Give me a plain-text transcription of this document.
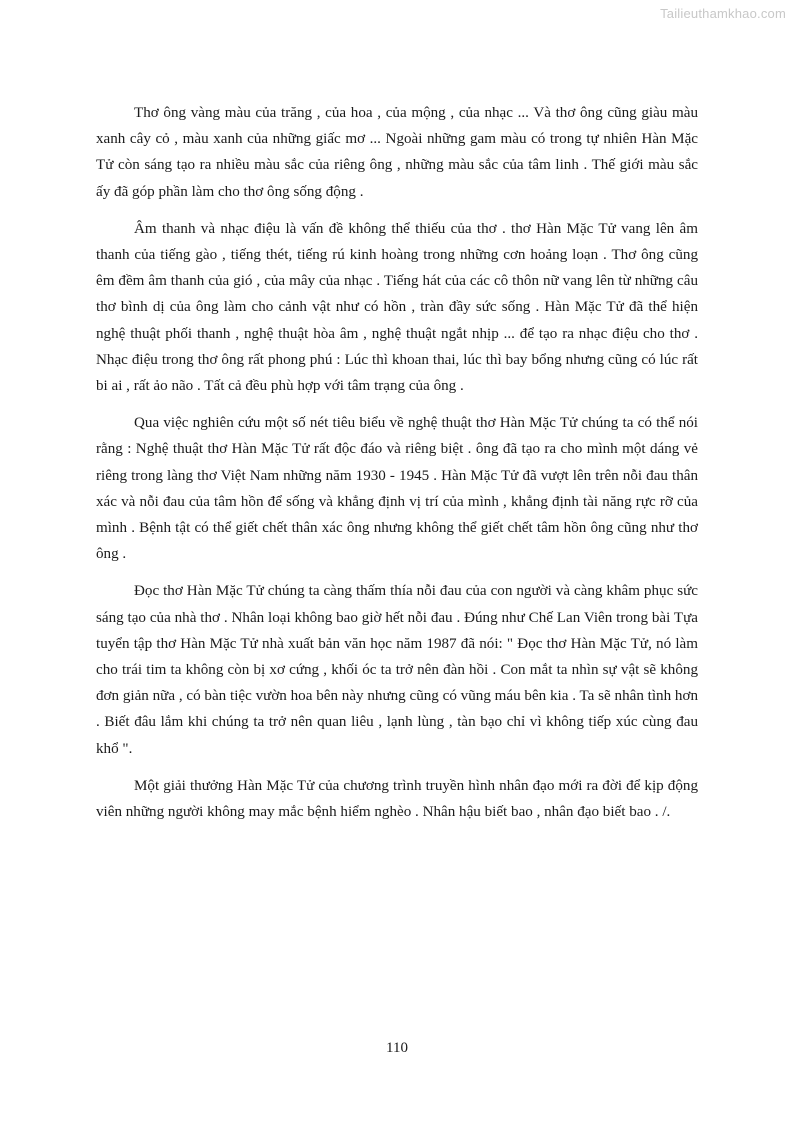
Tailieuthamkhao.com

Thơ ông vàng màu của trăng , của hoa , của mộng , của nhạc ... Và thơ ông cũng giàu màu xanh cây cỏ , màu xanh của những giấc mơ ... Ngoài những gam màu có trong tự nhiên Hàn Mặc Tử còn sáng tạo ra nhiều màu sắc của riêng ông , những màu sắc của tâm linh . Thế giới màu sắc ấy đã góp phần làm cho thơ ông sống động .

Âm thanh và nhạc điệu là vấn đề không thể thiếu của thơ . thơ Hàn Mặc Tử vang lên âm thanh của tiếng gào , tiếng thét, tiếng rú kinh hoàng trong những cơn hoảng loạn . Thơ ông cũng êm đềm âm thanh của gió , của mây của nhạc . Tiếng hát của các cô thôn nữ vang lên từ những câu thơ bình dị của ông làm cho cảnh vật như có hồn , tràn đầy sức sống . Hàn Mặc Tử đã thể hiện nghệ thuật phối thanh , nghệ thuật hòa âm , nghệ thuật ngắt nhịp ... để tạo ra nhạc điệu cho thơ . Nhạc điệu trong thơ ông rất phong phú : Lúc thì khoan thai, lúc thì bay bổng nhưng cũng có lúc rất bi ai , rất ảo não . Tất cả đều phù hợp với tâm trạng của ông .

Qua việc nghiên cứu một số nét tiêu biểu về nghệ thuật thơ Hàn Mặc Tử chúng ta có thể nói rằng : Nghệ thuật thơ Hàn Mặc Tử rất độc đáo và riêng biệt . ông đã tạo ra cho mình một dáng vẻ riêng trong làng thơ Việt Nam những năm 1930 - 1945 . Hàn Mặc Tử đã vượt lên trên nỗi đau thân xác và nỗi đau của tâm hồn để sống và khẳng định vị trí của mình , khẳng định tài năng rực rỡ của mình . Bệnh tật có thể giết chết thân xác ông nhưng không thể giết chết tâm hồn ông cũng như thơ ông .

Đọc thơ Hàn Mặc Tử chúng ta càng thấm thía nỗi đau của con người và càng khâm phục sức sáng tạo của nhà thơ . Nhân loại không bao giờ hết nỗi đau . Đúng như Chế Lan Viên trong bài Tựa tuyển tập thơ Hàn Mặc Tử nhà xuất bản văn học năm 1987 đã nói: " Đọc thơ Hàn Mặc Tử, nó làm cho trái tim ta không còn bị xơ cứng , khối óc ta trở nên đàn hồi . Con mắt ta nhìn sự vật sẽ không đơn giản nữa , có bàn tiệc vườn hoa bên này nhưng cũng có vũng máu bên kia . Ta sẽ nhân tình hơn . Biết đâu lắm khi chúng ta trở nên quan liêu , lạnh lùng , tàn bạo chỉ vì không tiếp xúc cùng đau khổ ".

Một giải thưởng Hàn Mặc Tử của chương trình truyền hình nhân đạo mới ra đời để kịp động viên những người không may mắc bệnh hiểm nghèo . Nhân hậu biết bao , nhân đạo biết bao . /.

110
